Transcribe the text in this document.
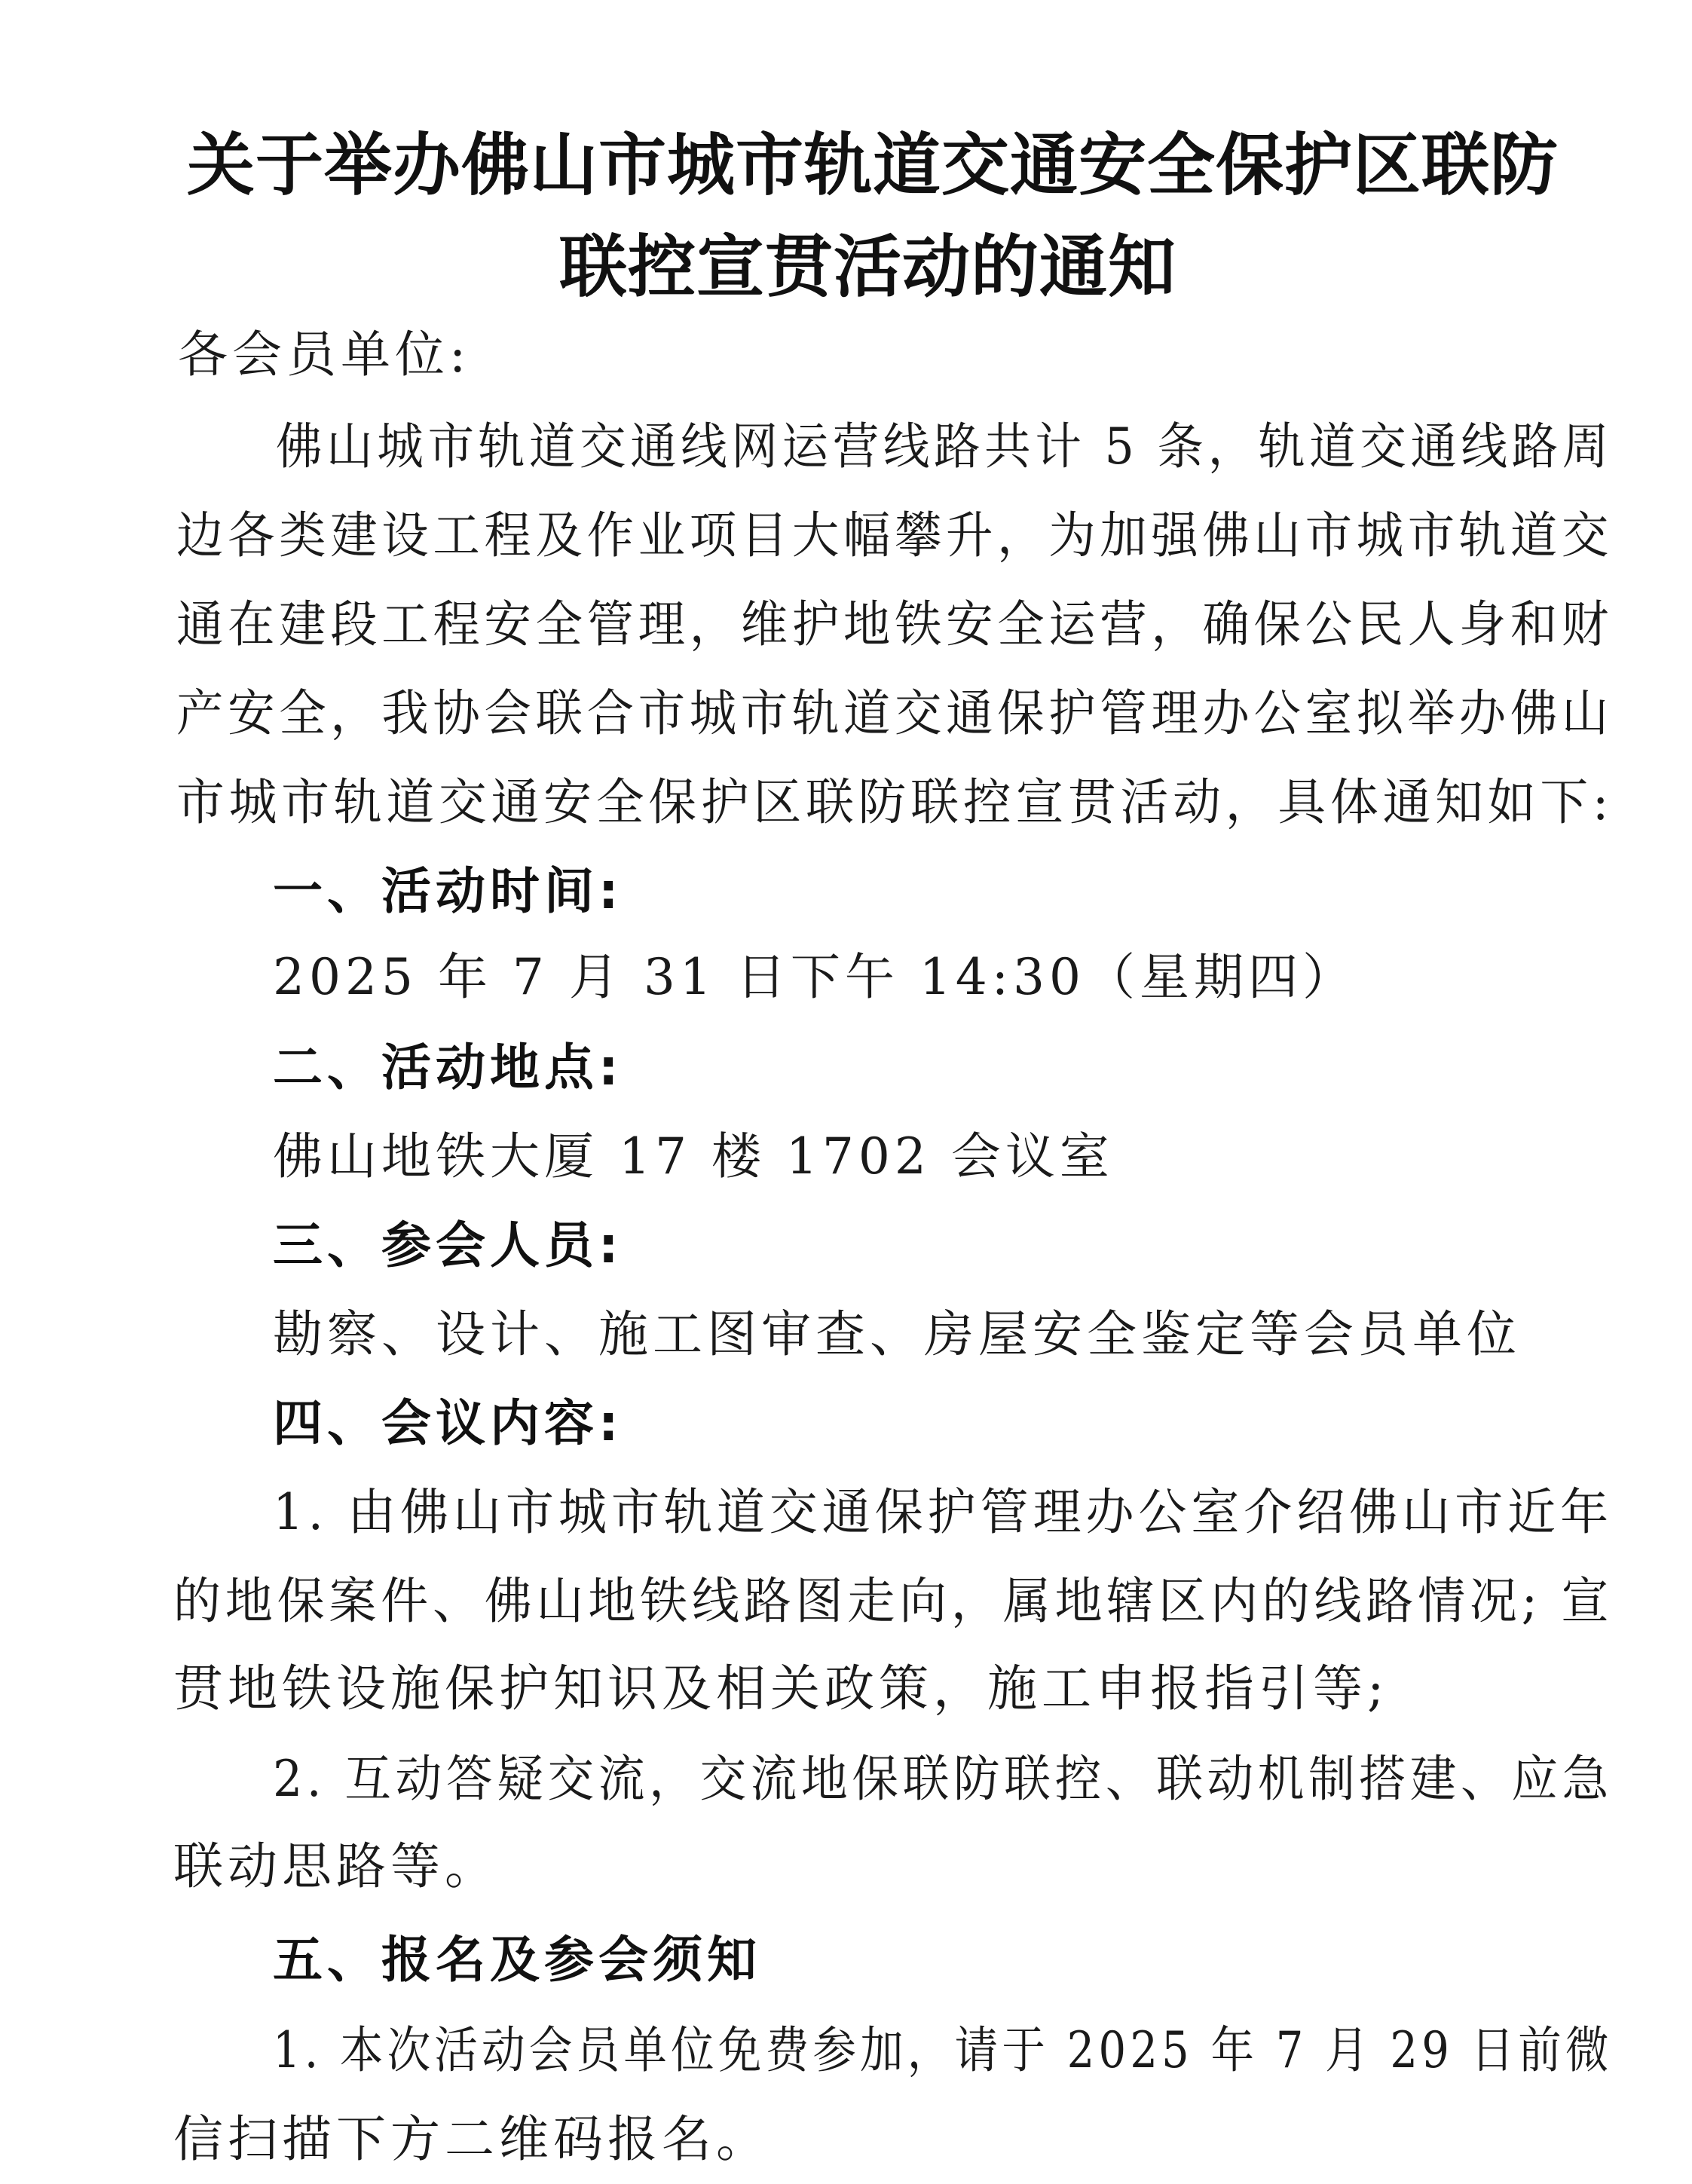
关于举办佛山市城市轨道交通安全保护区联防
联控宣贯活动的通知
各会员单位:
佛山城市轨道交通线网运营线路共计 5 条，轨道交通线路周
边各类建设工程及作业项目大幅攀升，为加强佛山市城市轨道交
通在建段工程安全管理，维护地铁安全运营，确保公民人身和财
产安全，我协会联合市城市轨道交通保护管理办公室拟举办佛山
市城市轨道交通安全保护区联防联控宣贯活动，具体通知如下:
一、活动时间:
2025 年 7 月 31 日下午 14:30（星期四）
二、活动地点:
佛山地铁大厦 17 楼 1702 会议室
三、参会人员:
勘察、设计、施工图审查、房屋安全鉴定等会员单位
四、会议内容:
1. 由佛山市城市轨道交通保护管理办公室介绍佛山市近年
的地保案件、佛山地铁线路图走向，属地辖区内的线路情况; 宣
贯地铁设施保护知识及相关政策，施工申报指引等;
2. 互动答疑交流，交流地保联防联控、联动机制搭建、应急
联动思路等。
五、报名及参会须知
1. 本次活动会员单位免费参加，请于 2025 年 7 月 29 日前微
信扫描下方二维码报名。
